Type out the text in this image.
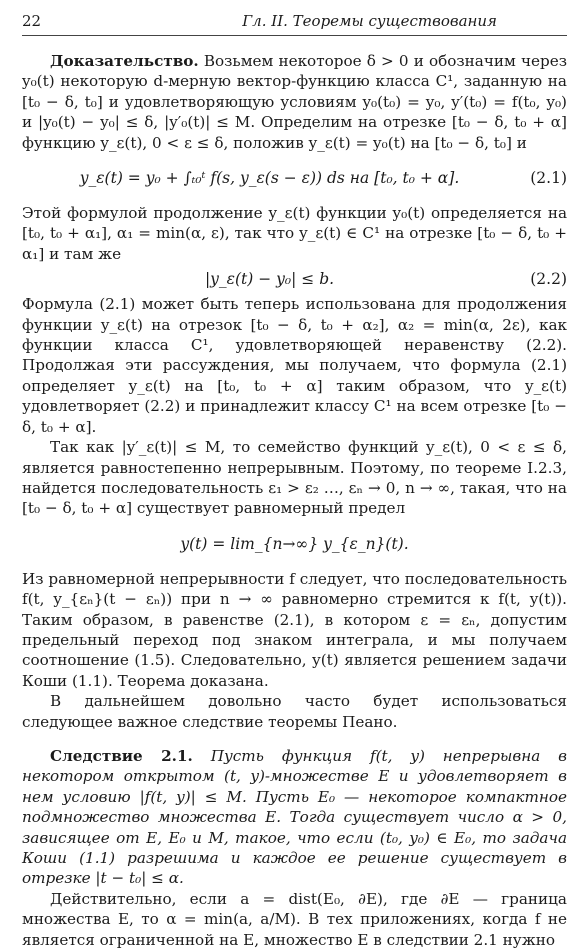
22	Гл. II. Теоремы существования

Доказательство. Возьмем некоторое δ > 0 и обозначим через y₀(t) некоторую d-мерную вектор-функцию класса C¹, заданную на [t₀ − δ, t₀] и удовлетворяющую условиям y₀(t₀) = y₀, y′(t₀) = f(t₀, y₀) и |y₀(t) − y₀| ≤ δ, |y′₀(t)| ≤ M. Определим на отрезке [t₀ − δ, t₀ + α] функцию y_ε(t), 0 < ε ≤ δ, положив y_ε(t) = y₀(t) на [t₀ − δ, t₀] и

y_ε(t) = y₀ + ∫ₜ₀ᵗ f(s, y_ε(s − ε)) ds на [t₀, t₀ + α].	(2.1)

Этой формулой продолжение y_ε(t) функции y₀(t) определяется на [t₀, t₀ + α₁], α₁ = min(α, ε), так что y_ε(t) ∈ C¹ на отрезке [t₀ − δ, t₀ + α₁] и там же

|y_ε(t) − y₀| ≤ b.	(2.2)

Формула (2.1) может быть теперь использована для продолжения функции y_ε(t) на отрезок [t₀ − δ, t₀ + α₂], α₂ = min(α, 2ε), как функции класса C¹, удовлетворяющей неравенству (2.2). Продолжая эти рассуждения, мы получаем, что формула (2.1) определяет y_ε(t) на [t₀, t₀ + α] таким образом, что y_ε(t) удовлетворяет (2.2) и принадлежит классу C¹ на всем отрезке [t₀ − δ, t₀ + α].

Так как |y′_ε(t)| ≤ M, то семейство функций y_ε(t), 0 < ε ≤ δ, является равностепенно непрерывным. Поэтому, по теореме I.2.3, найдется последовательность ε₁ > ε₂ …, εₙ → 0, n → ∞, такая, что на [t₀ − δ, t₀ + α] существует равномерный предел

y(t) = lim_{n→∞} y_{ε_n}(t).

Из равномерной непрерывности f следует, что последовательность f(t, y_{εₙ}(t − εₙ)) при n → ∞ равномерно стремится к f(t, y(t)). Таким образом, в равенстве (2.1), в котором ε = εₙ, допустим предельный переход под знаком интеграла, и мы получаем соотношение (1.5). Следовательно, y(t) является решением задачи Коши (1.1). Теорема доказана.

В дальнейшем довольно часто будет использоваться следующее важное следствие теоремы Пеано.

Следствие 2.1. Пусть функция f(t, y) непрерывна в некотором открытом (t, y)-множестве E и удовлетворяет в нем условию |f(t, y)| ≤ M. Пусть E₀ — некоторое компактное подмножество множества E. Тогда существует число α > 0, зависящее от E, E₀ и M, такое, что если (t₀, y₀) ∈ E₀, то задача Коши (1.1) разрешима и каждое ее решение существует в отрезке |t − t₀| ≤ α.

Действительно, если a = dist(E₀, ∂E), где ∂E — граница множества E, то α = min(a, a/M). В тех приложениях, когда f не является ограниченной на E, множество E в следствии 2.1 нужно
